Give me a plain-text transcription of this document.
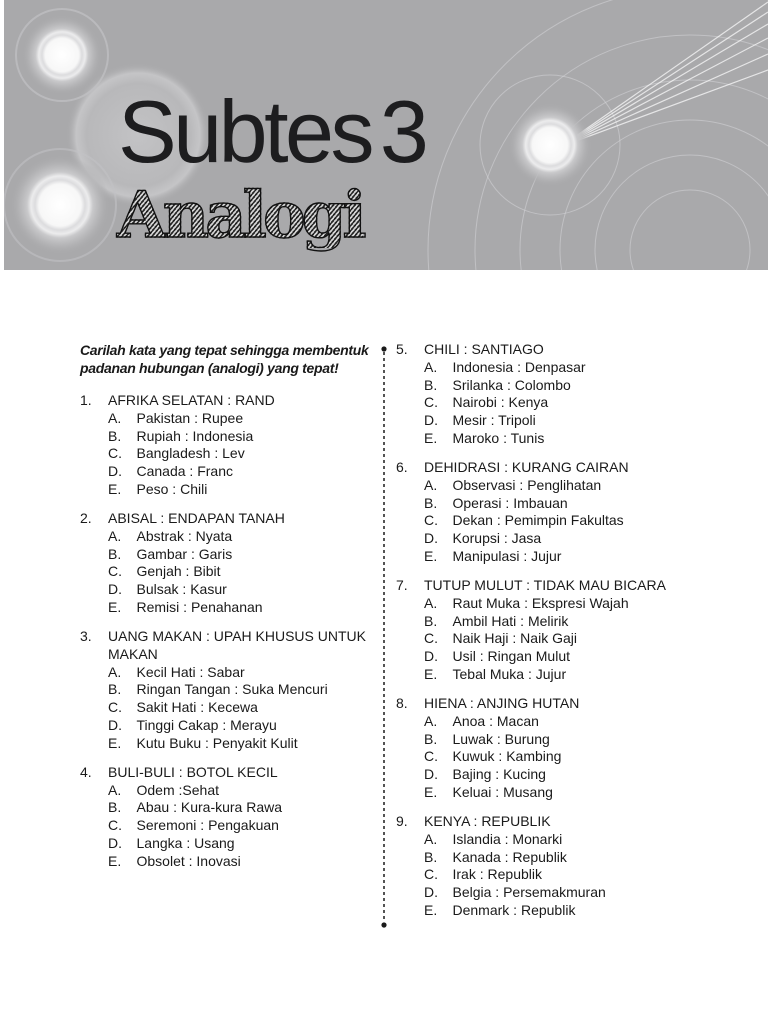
Subtes 3
Analogi
Carilah kata yang tepat sehingga membentuk
padanan hubungan (analogi) yang tepat!
1. AFRIKA SELATAN : RAND
A. Pakistan : Rupee
B. Rupiah : Indonesia
C. Bangladesh : Lev
D. Canada : Franc
E. Peso : Chili
2. ABISAL : ENDAPAN TANAH
A. Abstrak : Nyata
B. Gambar : Garis
C. Genjah : Bibit
D. Bulsak : Kasur
E. Remisi : Penahanan
3. UANG MAKAN : UPAH KHUSUS UNTUK MAKAN
A. Kecil Hati : Sabar
B. Ringan Tangan : Suka Mencuri
C. Sakit Hati : Kecewa
D. Tinggi Cakap : Merayu
E. Kutu Buku : Penyakit Kulit
4. BULI-BULI : BOTOL KECIL
A. Odem :Sehat
B. Abau : Kura-kura Rawa
C. Seremoni : Pengakuan
D. Langka : Usang
E. Obsolet : Inovasi
5. CHILI : SANTIAGO
A. Indonesia : Denpasar
B. Srilanka : Colombo
C. Nairobi : Kenya
D. Mesir : Tripoli
E. Maroko : Tunis
6. DEHIDRASI : KURANG CAIRAN
A. Observasi : Penglihatan
B. Operasi : Imbauan
C. Dekan : Pemimpin Fakultas
D. Korupsi : Jasa
E. Manipulasi : Jujur
7. TUTUP MULUT : TIDAK MAU BICARA
A. Raut Muka : Ekspresi Wajah
B. Ambil Hati : Melirik
C. Naik Haji : Naik Gaji
D. Usil : Ringan Mulut
E. Tebal Muka : Jujur
8. HIENA : ANJING HUTAN
A. Anoa : Macan
B. Luwak : Burung
C. Kuwuk : Kambing
D. Bajing : Kucing
E. Keluai : Musang
9. KENYA : REPUBLIK
A. Islandia : Monarki
B. Kanada : Republik
C. Irak : Republik
D. Belgia : Persemakmuran
E. Denmark : Republik
